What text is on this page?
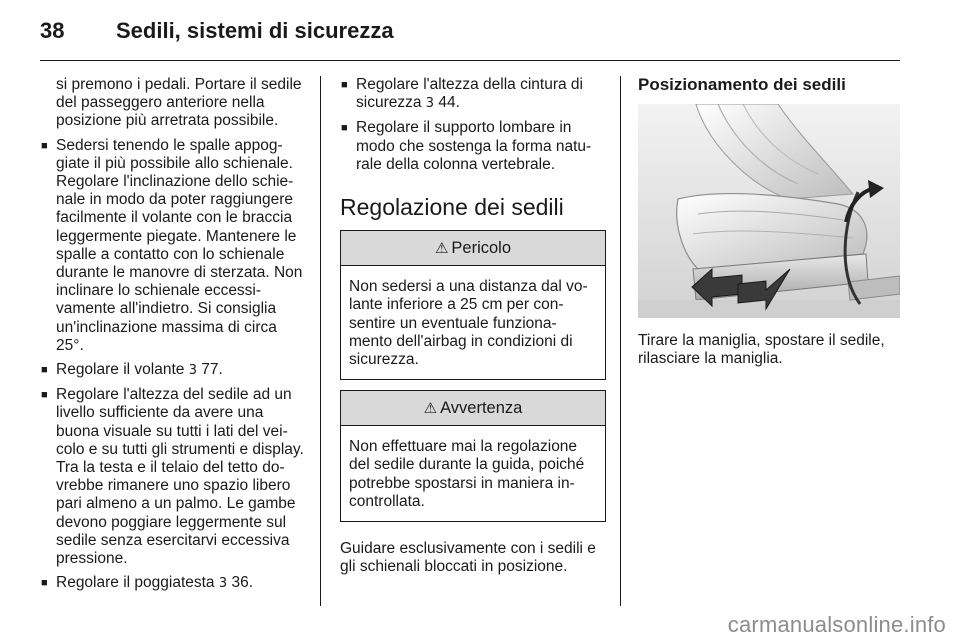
38 Sedili, sistemi di sicurezza

si premono i pedali. Portare il sedile del passeggero anteriore nella posizione più arretrata possibile.

■ Sedersi tenendo le spalle appog-giate il più possibile allo schienale. Regolare l'inclinazione dello schie-nale in modo da poter raggiungere facilmente il volante con le braccia leggermente piegate. Mantenere le spalle a contatto con lo schienale durante le manovre di sterzata. Non inclinare lo schienale eccessi-vamente all'indietro. Si consiglia un'inclinazione massima di circa 25°.
■ Regolare il volante 3 77.
■ Regolare l'altezza del sedile ad un livello sufficiente da avere una buona visuale su tutti i lati del vei-colo e su tutti gli strumenti e display. Tra la testa e il telaio del tetto do-vrebbe rimanere uno spazio libero pari almeno a un palmo. Le gambe devono poggiare leggermente sul sedile senza esercitarvi eccessiva pressione.
■ Regolare il poggiatesta 3 36.
■ Regolare l'altezza della cintura di sicurezza 3 44.
■ Regolare il supporto lombare in modo che sostenga la forma natu-rale della colonna vertebrale.
Regolazione dei sedili
⚠ Pericolo
Non sedersi a una distanza dal vo-lante inferiore a 25 cm per con-sentire un eventuale funziona-mento dell'airbag in condizioni di sicurezza.
⚠ Avvertenza
Non effettuare mai la regolazione del sedile durante la guida, poiché potrebbe spostarsi in maniera in-controllata.

Guidare esclusivamente con i sedili e gli schienali bloccati in posizione.

Posizionamento dei sedili

Tirare la maniglia, spostare il sedile, rilasciare la maniglia.

carmanualsonline.info
